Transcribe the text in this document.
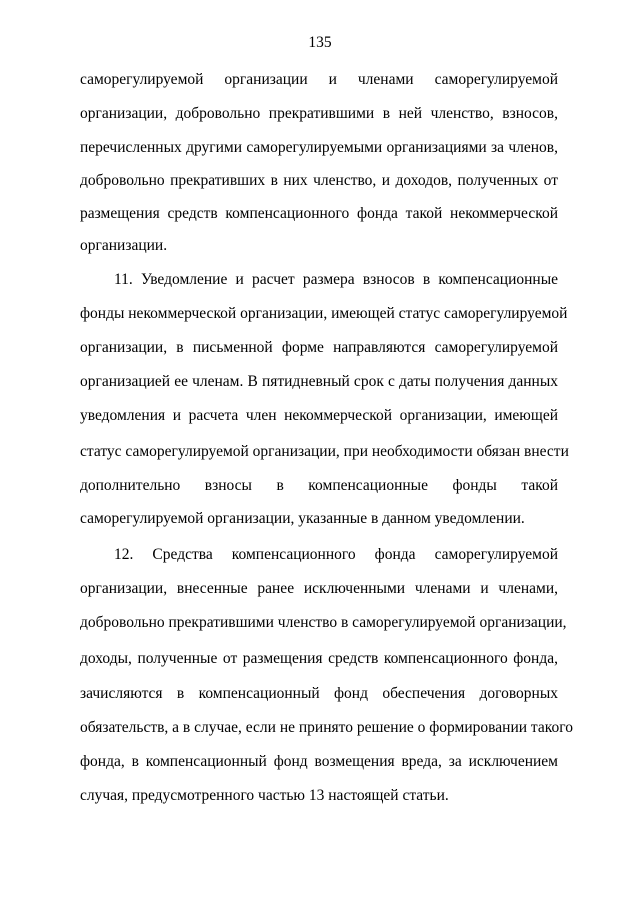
135
саморегулируемой организации и членами саморегулируемой
организации, добровольно прекратившими в ней членство, взносов,
перечисленных другими саморегулируемыми организациями за членов,
добровольно прекративших в них членство, и доходов, полученных от
размещения средств компенсационного фонда такой некоммерческой
организации.
11. Уведомление и расчет размера взносов в компенсационные
фонды некоммерческой организации, имеющей статус саморегулируемой
организации, в письменной форме направляются саморегулируемой
организацией ее членам. В пятидневный срок с даты получения данных
уведомления и расчета член некоммерческой организации, имеющей
статус саморегулируемой организации, при необходимости обязан внести
дополнительно взносы в компенсационные фонды такой
саморегулируемой организации, указанные в данном уведомлении.
12. Средства компенсационного фонда саморегулируемой
организации, внесенные ранее исключенными членами и членами,
добровольно прекратившими членство в саморегулируемой организации,
доходы, полученные от размещения средств компенсационного фонда,
зачисляются в компенсационный фонд обеспечения договорных
обязательств, а в случае, если не принято решение о формировании такого
фонда, в компенсационный фонд возмещения вреда, за исключением
случая, предусмотренного частью 13 настоящей статьи.
